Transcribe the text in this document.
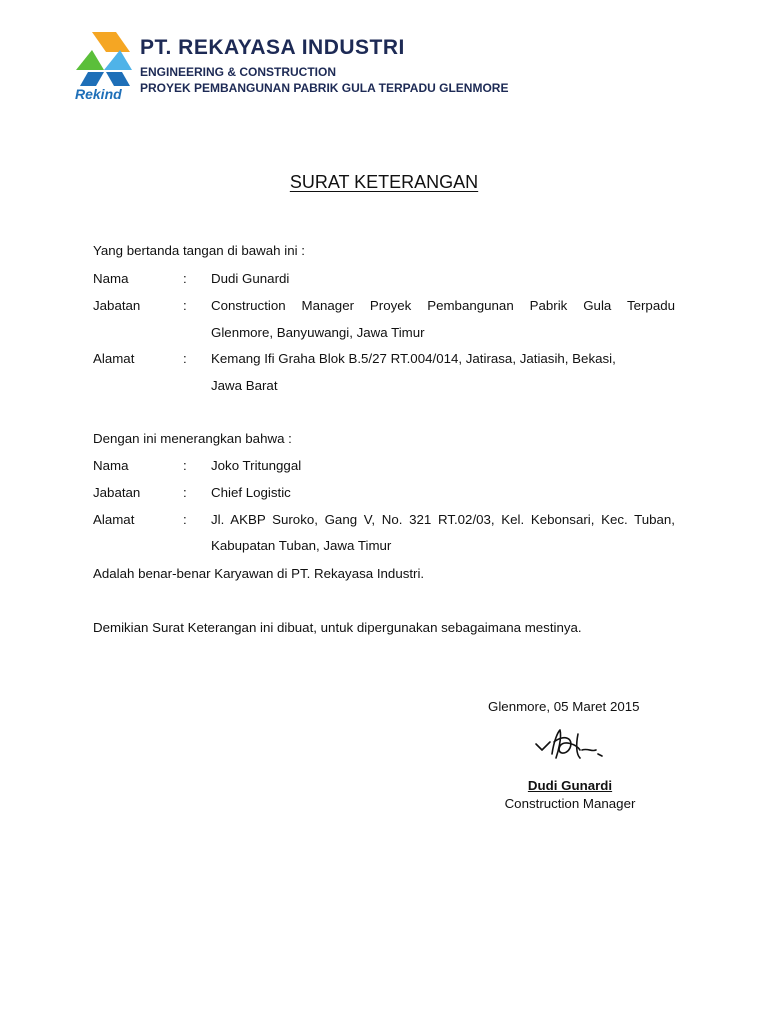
Rekind
PT. REKAYASA INDUSTRI
ENGINEERING & CONSTRUCTION
PROYEK PEMBANGUNAN PABRIK GULA TERPADU GLENMORE
SURAT KETERANGAN
Yang bertanda tangan di bawah ini :
Nama	: Dudi Gunardi
Jabatan	: Construction Manager Proyek Pembangunan Pabrik Gula Terpadu
Glenmore, Banyuwangi, Jawa Timur
Alamat	: Kemang Ifi Graha Blok B.5/27 RT.004/014, Jatirasa, Jatiasih, Bekasi,
Jawa Barat
Dengan ini menerangkan bahwa :
Nama	: Joko Tritunggal
Jabatan	: Chief Logistic
Alamat	: Jl. AKBP Suroko, Gang V, No. 321 RT.02/03, Kel. Kebonsari, Kec. Tuban,
Kabupatan Tuban, Jawa Timur
Adalah benar-benar Karyawan di PT. Rekayasa Industri.
Demikian Surat Keterangan ini dibuat, untuk dipergunakan sebagaimana mestinya.
Glenmore, 05 Maret 2015
Dudi Gunardi
Construction Manager
